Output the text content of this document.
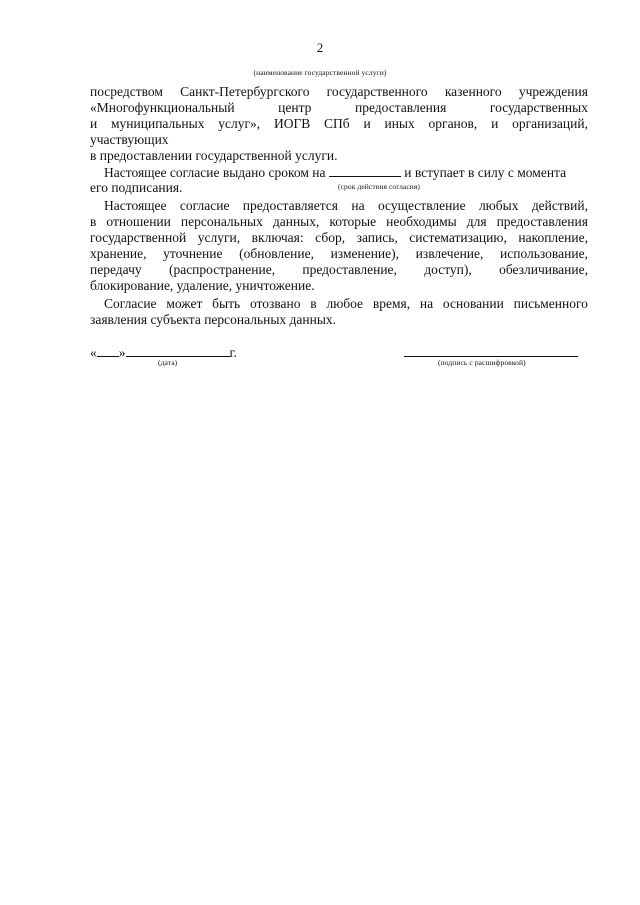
2
(наименование государственной услуги)
посредством Санкт-Петербургского государственного казенного учреждения
«Многофункциональный	центр	предоставления	государственных
и муниципальных услуг», ИОГВ СПб и иных органов, и организаций,
участвующих
в предоставлении государственной услуги.
Настоящее согласие выдано сроком на	и вступает в силу с момента
(срок действия согласия)
его подписания.
Настоящее согласие предоставляется на осуществление любых действий,
в отношении персональных данных, которые необходимы для предоставления
государственной услуги, включая: сбор, запись, систематизацию, накопление,
хранение, уточнение (обновление, изменение), извлечение, использование,
передачу (распространение, предоставление, доступ), обезличивание,
блокирование, удаление, уничтожение.
Согласие может быть отозвано в любое время, на основании письменного
заявления субъекта персональных данных.
« »	г.
(дата)	(подпись с расшифровкой)
